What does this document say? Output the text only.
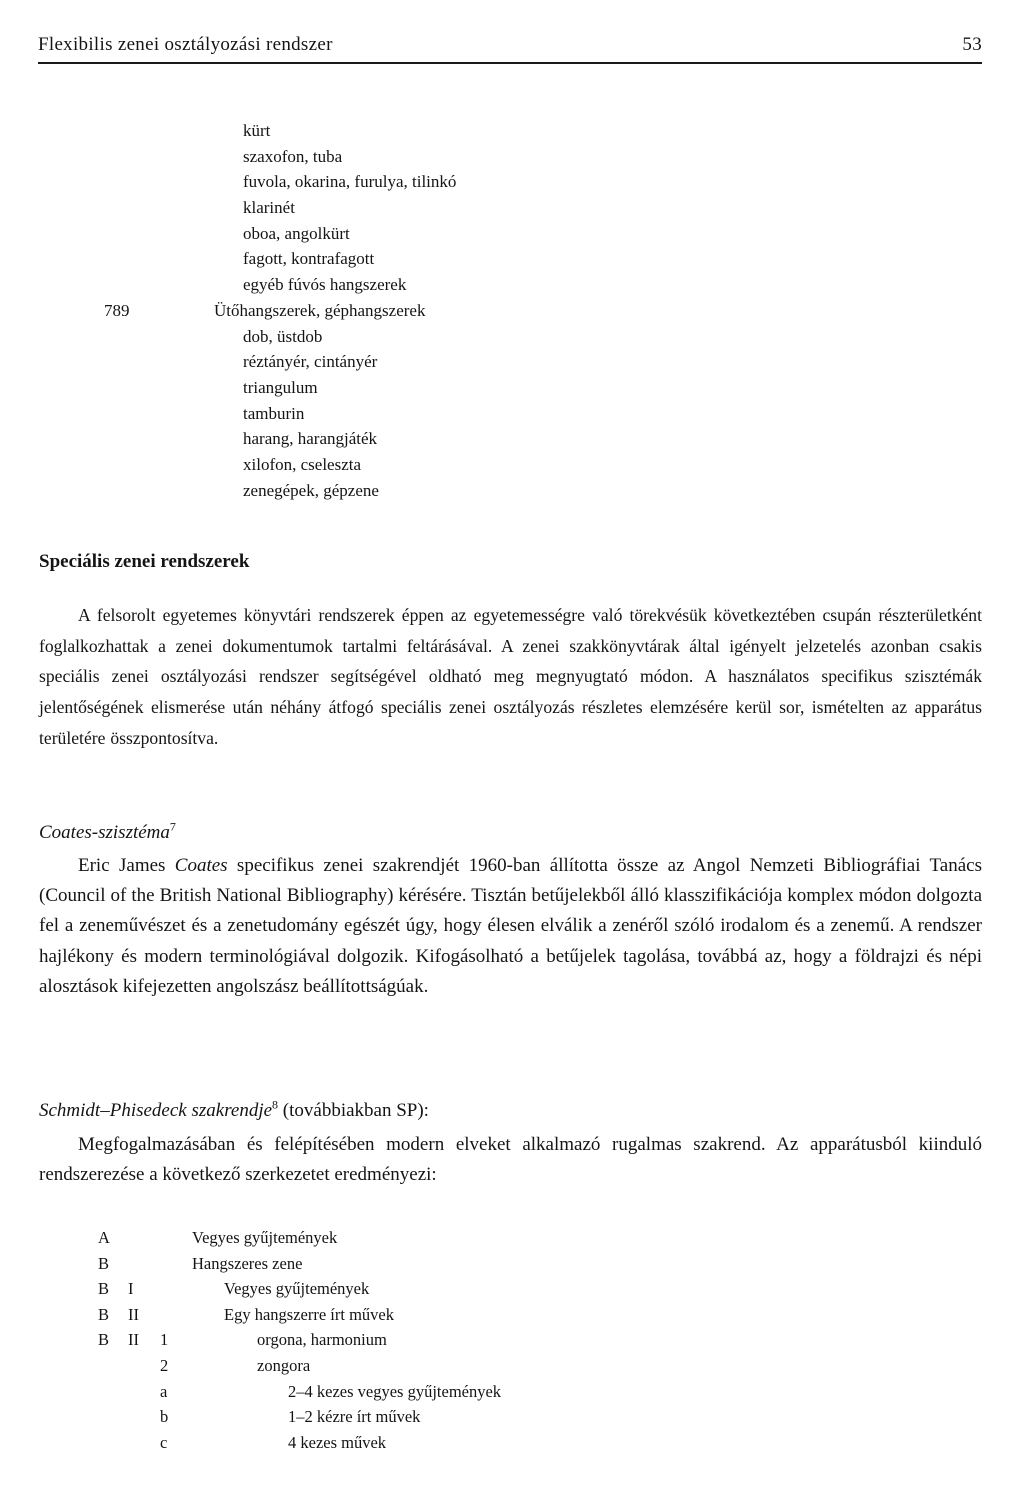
Flexibilis zenei osztályozási rendszer	53
kürt
szaxofon, tuba
fuvola, okarina, furulya, tilinkó
klarinét
oboa, angolkürt
fagott, kontrafagott
egyéb fúvós hangszerek
789	Ütőhangszerek, géphangszerek
dob, üstdob
réztányér, cintányér
triangulum
tamburin
harang, harangjáték
xilofon, cseleszta
zenegépek, gépzene
Speciális zenei rendszerek
A felsorolt egyetemes könyvtári rendszerek éppen az egyetemességre való törekvésük következtében csupán részterületként foglalkozhattak a zenei dokumentumok tartalmi feltárásával. A zenei szakkönyvtárak által igényelt jelzetelés azonban csakis speciális zenei osztályozási rendszer segítségével oldható meg megnyugtató módon. A használatos specifikus szisztémák jelentőségének elismerése után néhány átfogó speciális zenei osztályozás részletes elemzésére kerül sor, ismételten az apparátus területére összpontosítva.
Coates-szisztéma$^7$
Eric James Coates specifikus zenei szakrendjét 1960-ban állította össze az Angol Nemzeti Bibliográfiai Tanács (Council of the British National Bibliography) kérésére. Tisztán betűjelekből álló klasszifikációja komplex módon dolgozta fel a zeneművészet és a zenetudomány egészét úgy, hogy élesen elválik a zenéről szóló irodalom és a zenemű. A rendszer hajlékony és modern terminológiával dolgozik. Kifogásolható a betűjelek tagolása, továbbá az, hogy a földrajzi és népi alosztások kifejezetten angolszász beállítottságúak.
Schmidt–Phisedeck szakrendje$^8$ (továbbiakban SP):
Megfogalmazásában és felépítésében modern elveket alkalmazó rugalmas szakrend. Az apparátusból kiinduló rendszerezése a következő szerkezetet eredményezi:
A	Vegyes gyűjtemények
B	Hangszeres zene
B I	Vegyes gyűjtemények
B II	Egy hangszerre írt művek
B II 1	orgona, harmonium
2	zongora
a	2–4 kezes vegyes gyűjtemények
b	1–2 kézre írt művek
c	4 kezes művek
